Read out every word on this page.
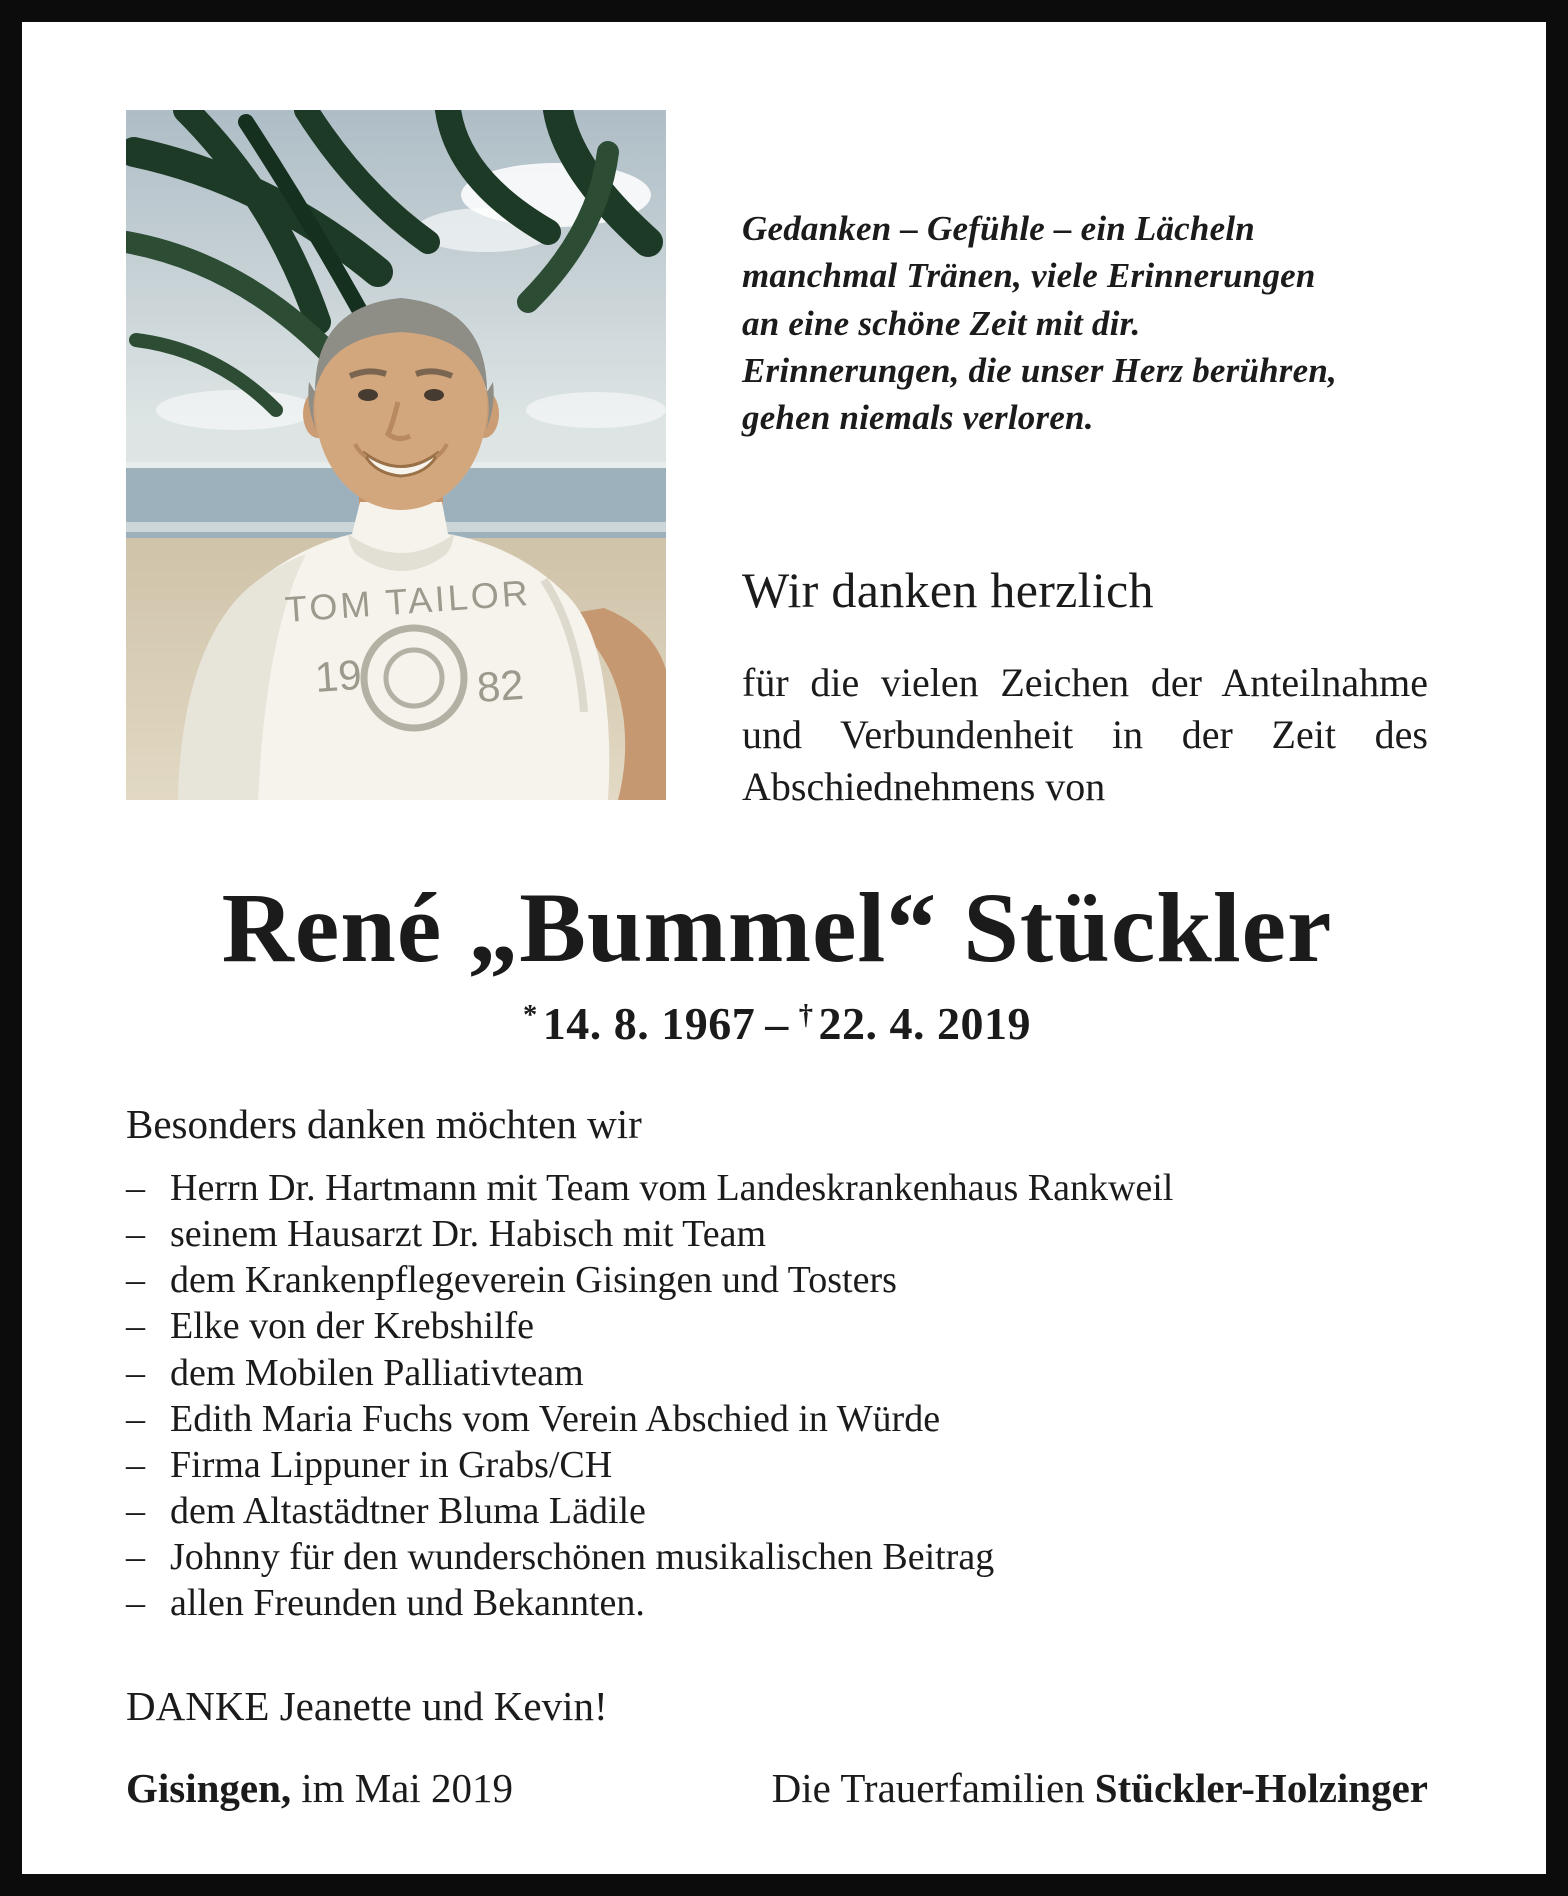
TOM TAILOR
19	82
Gedanken – Gefühle – ein Lächeln
manchmal Tränen, viele Erinnerungen
an eine schöne Zeit mit dir.
Erinnerungen, die unser Herz berühren,
gehen niemals verloren.
Wir danken herzlich
für die vielen Zeichen der Anteilnahme und Verbundenheit in der Zeit des Abschiednehmens von
René „Bummel“ Stückler
* 14. 8. 1967 – † 22. 4. 2019
Besonders danken möchten wir
– Herrn Dr. Hartmann mit Team vom Landeskrankenhaus Rankweil
– seinem Hausarzt Dr. Habisch mit Team
– dem Krankenpflegeverein Gisingen und Tosters
– Elke von der Krebshilfe
– dem Mobilen Palliativteam
– Edith Maria Fuchs vom Verein Abschied in Würde
– Firma Lippuner in Grabs/CH
– dem Altastädtner Bluma Lädile
– Johnny für den wunderschönen musikalischen Beitrag
– allen Freunden und Bekannten.
DANKE Jeanette und Kevin!
Gisingen, im Mai 2019	Die Trauerfamilien Stückler-Holzinger
